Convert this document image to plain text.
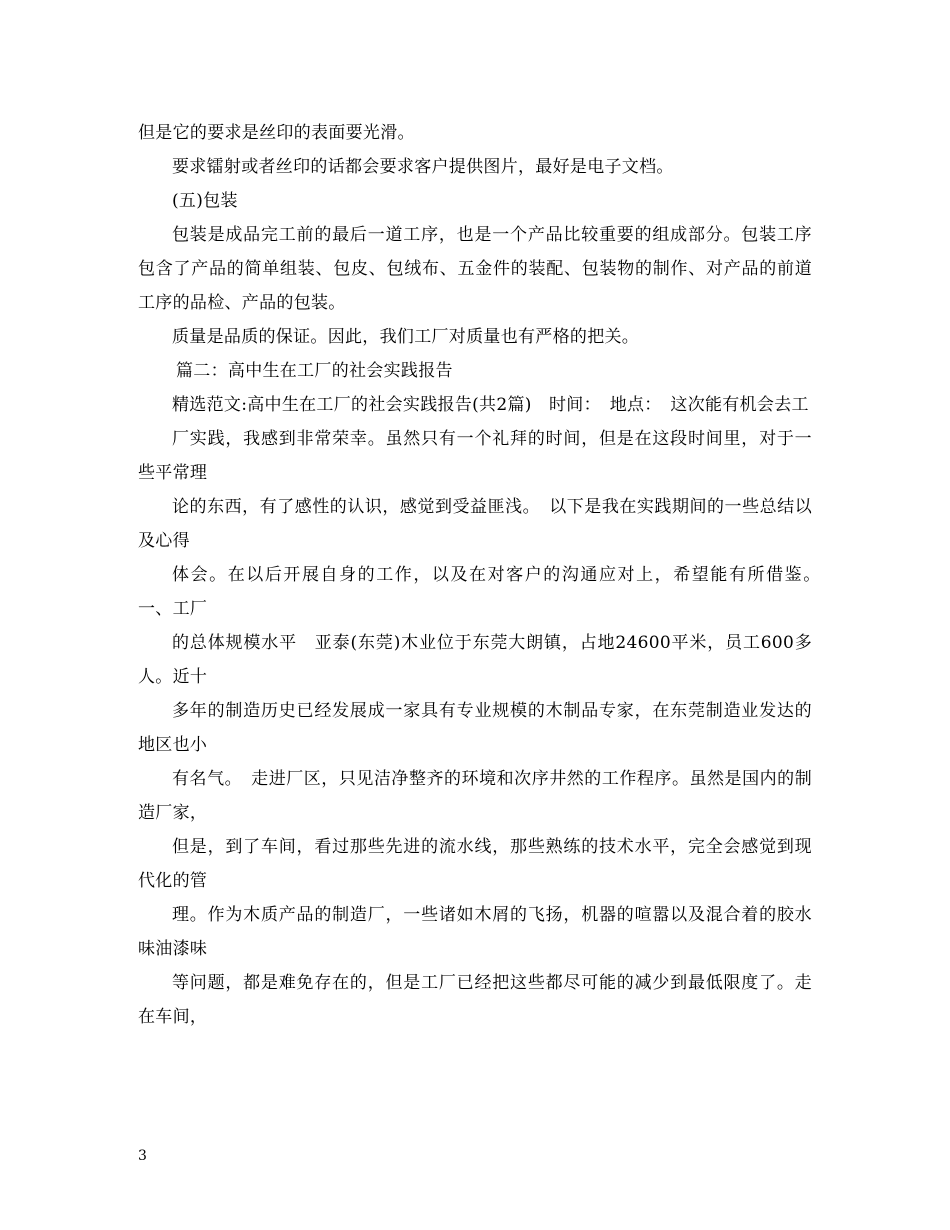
但是它的要求是丝印的表面要光滑。

要求镭射或者丝印的话都会要求客户提供图片，最好是电子文档。

(五)包装

包装是成品完工前的最后一道工序，也是一个产品比较重要的组成部分。包装工序包含了产品的简单组装、包皮、包绒布、五金件的装配、包装物的制作、对产品的前道工序的品检、产品的包装。

质量是品质的保证。因此，我们工厂对质量也有严格的把关。

篇二：高中生在工厂的社会实践报告

精选范文:高中生在工厂的社会实践报告(共2篇)　时间：　地点：　这次能有机会去工

厂实践，我感到非常荣幸。虽然只有一个礼拜的时间，但是在这段时间里，对于一些平常理

论的东西，有了感性的认识，感觉到受益匪浅。　以下是我在实践期间的一些总结以及心得

体会。在以后开展自身的工作，以及在对客户的沟通应对上，希望能有所借鉴。　一、工厂

的总体规模水平　亚泰(东莞)木业位于东莞大朗镇，占地24600平米，员工600多人。近十

多年的制造历史已经发展成一家具有专业规模的木制品专家，在东莞制造业发达的地区也小

有名气。　走进厂区，只见洁净整齐的环境和次序井然的工作程序。虽然是国内的制造厂家，

但是，到了车间，看过那些先进的流水线，那些熟练的技术水平，完全会感觉到现代化的管

理。作为木质产品的制造厂，一些诸如木屑的飞扬，机器的喧嚣以及混合着的胶水味油漆味

等问题，都是难免存在的，但是工厂已经把这些都尽可能的减少到最低限度了。走在车间，

3
